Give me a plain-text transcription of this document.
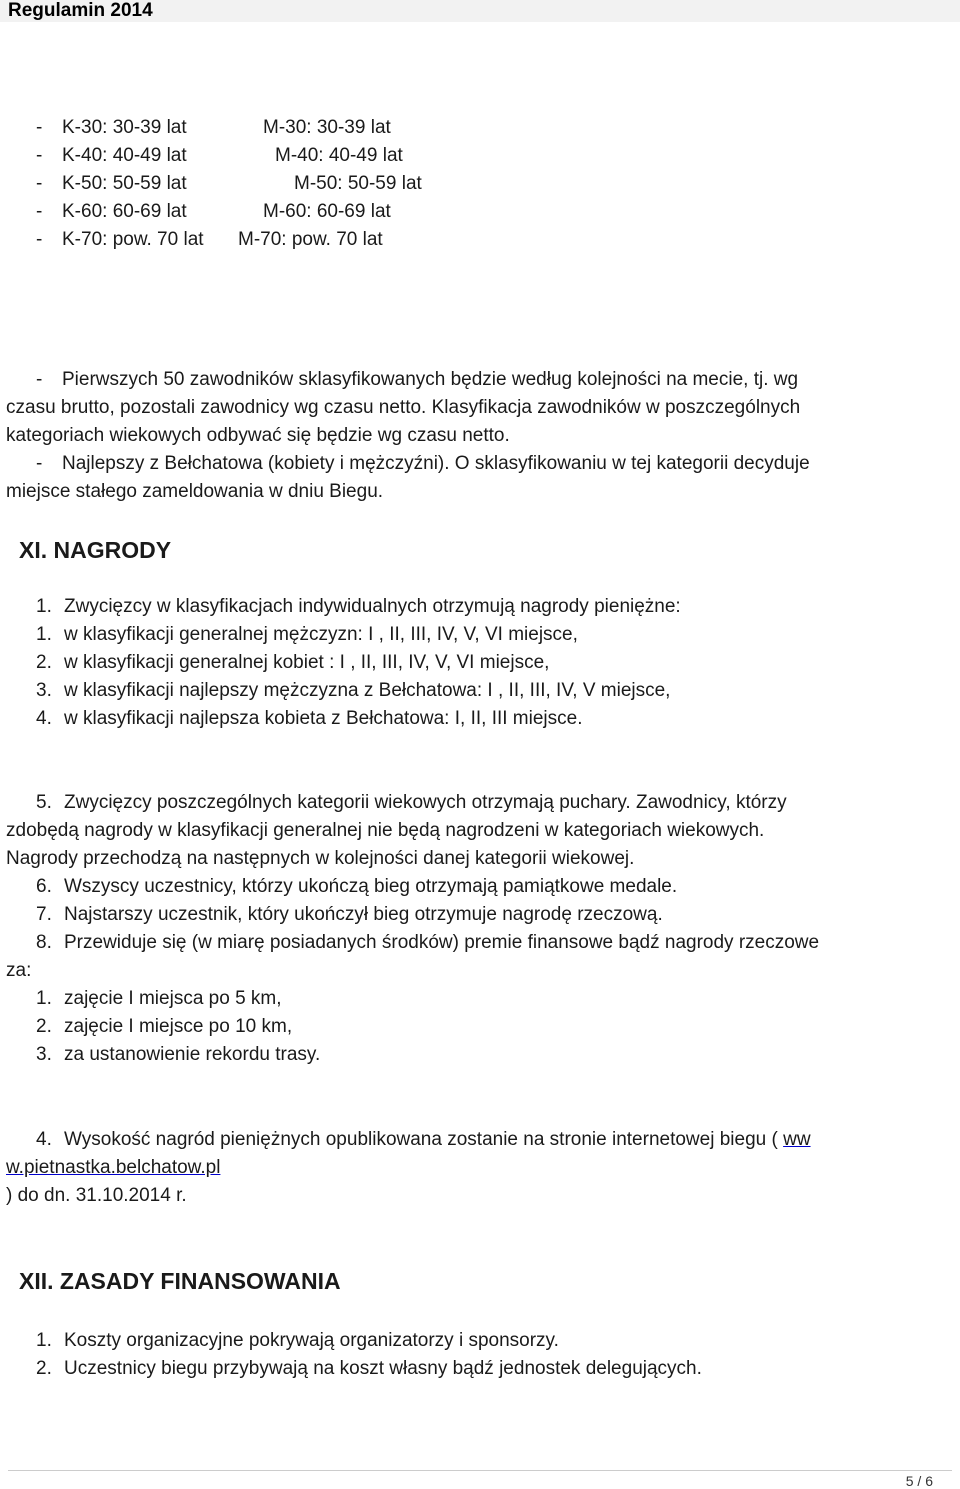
Regulamin 2014
- K-30: 30-39 lat	M-30: 30-39 lat
- K-40: 40-49 lat	M-40: 40-49 lat
- K-50: 50-59 lat	M-50: 50-59 lat
- K-60: 60-69 lat	M-60: 60-69 lat
- K-70: pow. 70 lat M-70: pow. 70 lat
- Pierwszych 50 zawodników sklasyfikowanych będzie według kolejności na mecie, tj. wg
czasu brutto, pozostali zawodnicy wg czasu netto. Klasyfikacja zawodników w poszczególnych
kategoriach wiekowych odbywać się będzie wg czasu netto.
- Najlepszy z Bełchatowa (kobiety i mężczyźni). O sklasyfikowaniu w tej kategorii decyduje
miejsce stałego zameldowania w dniu Biegu.
XI. NAGRODY
1. Zwycięzcy w klasyfikacjach indywidualnych otrzymują nagrody pieniężne:
1. w klasyfikacji generalnej mężczyzn: I , II, III, IV, V, VI miejsce,
2. w klasyfikacji generalnej kobiet : I , II, III, IV, V, VI miejsce,
3. w klasyfikacji najlepszy mężczyzna z Bełchatowa: I , II, III, IV, V miejsce,
4. w klasyfikacji najlepsza kobieta z Bełchatowa: I, II, III miejsce.
5. Zwycięzcy poszczególnych kategorii wiekowych otrzymają puchary. Zawodnicy, którzy
zdobędą nagrody w klasyfikacji generalnej nie będą nagrodzeni w kategoriach wiekowych.
Nagrody przechodzą na następnych w kolejności danej kategorii wiekowej.
6. Wszyscy uczestnicy, którzy ukończą bieg otrzymają pamiątkowe medale.
7. Najstarszy uczestnik, który ukończył bieg otrzymuje nagrodę rzeczową.
8. Przewiduje się (w miarę posiadanych środków) premie finansowe bądź nagrody rzeczowe
za:
1. zajęcie I miejsca po 5 km,
2. zajęcie I miejsce po 10 km,
3. za ustanowienie rekordu trasy.
4. Wysokość nagród pieniężnych opublikowana zostanie na stronie internetowej biegu ( ww
w.pietnastka.belchatow.pl
) do dn. 31.10.2014 r.
XII. ZASADY FINANSOWANIA
1. Koszty organizacyjne pokrywają organizatorzy i sponsorzy.
2. Uczestnicy biegu przybywają na koszt własny bądź jednostek delegujących.
5 / 6
